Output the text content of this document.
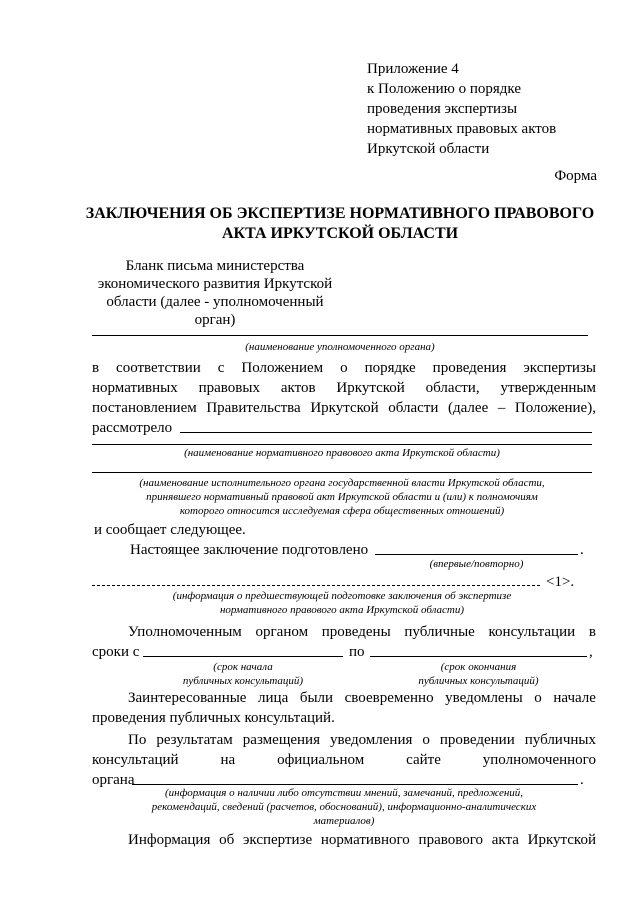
Приложение 4
к Положению о порядке
проведения экспертизы
нормативных правовых актов
Иркутской области
Форма
ЗАКЛЮЧЕНИЯ ОБ ЭКСПЕРТИЗЕ НОРМАТИВНОГО ПРАВОВОГО
АКТА ИРКУТСКОЙ ОБЛАСТИ
Бланк письма министерства
экономического развития Иркутской
области (далее - уполномоченный
орган)
(наименование уполномоченного органа)
в соответствии с Положением о порядке проведения экспертизы
нормативных правовых актов Иркутской области, утвержденным
постановлением Правительства Иркутской области (далее – Положение),
рассмотрело
(наименование нормативного правового акта Иркутской области)
(наименование исполнительного органа государственной власти Иркутской области,
принявшего нормативный правовой акт Иркутской области и (или) к полномочиям
которого относится исследуемая сфера общественных отношений)
и сообщает следующее.
Настоящее заключение подготовлено	.
(впервые/повторно)
<1>.
(информация о предшествующей подготовке заключения об экспертизе
нормативного правового акта Иркутской области)
Уполномоченным органом проведены публичные консультации в
сроки с	по	,
(срок начала
публичных консультаций)
(срок окончания
публичных консультаций)
Заинтересованные лица были своевременно уведомлены о начале
проведения публичных консультаций.
По результатам размещения уведомления о проведении публичных
консультаций	на	официальном	сайте	уполномоченного
органа	.
(информация о наличии либо отсутствии мнений, замечаний, предложений,
рекомендаций, сведений (расчетов, обоснований), информационно-аналитических
материалов)
Информация об экспертизе нормативного правового акта Иркутской
